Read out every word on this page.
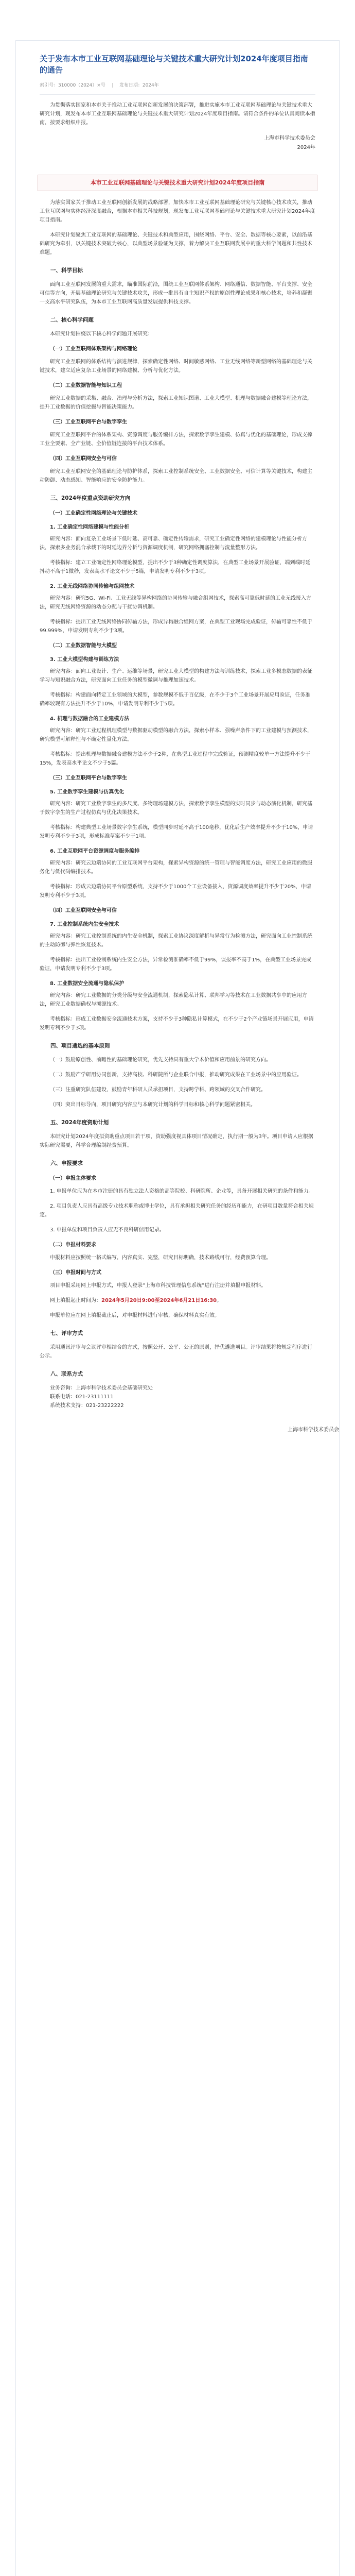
关于发布本市工业互联网基础理论与关键技术重大研究计划2024年度项目指南的通告
索引号：310000（2024）×号 | 发布日期：2024年
为贯彻落实国家和本市关于推动工业互联网创新发展的决策部署，推进实施本市工业互联网基础理论与关键技术重大研究计划，现发布本市工业互联网基础理论与关键技术重大研究计划2024年度项目指南。请符合条件的单位认真阅读本指南，按要求组织申报。
上海市科学技术委员会
2024年
本市工业互联网基础理论与关键技术重大研究计划2024年度项目指南
为落实国家关于推动工业互联网创新发展的战略部署，加快本市工业互联网基础理论研究与关键核心技术攻关，推动工业互联网与实体经济深度融合，根据本市相关科技规划，现发布工业互联网基础理论与关键技术重大研究计划2024年度项目指南。
本研究计划聚焦工业互联网的基础理论、关键技术和典型应用，围绕网络、平台、安全、数据等核心要素，以前沿基础研究为牵引，以关键技术突破为核心，以典型场景验证为支撑，着力解决工业互联网发展中的重大科学问题和共性技术难题。
一、科学目标
面向工业互联网发展的重大需求，瞄准国际前沿，围绕工业互联网体系架构、网络通信、数据智能、平台支撑、安全可信等方向，开展基础理论研究与关键技术攻关，形成一批具有自主知识产权的原创性理论成果和核心技术，培养和凝聚一支高水平研究队伍，为本市工业互联网高质量发展提供科技支撑。
二、核心科学问题
本研究计划围绕以下核心科学问题开展研究：
（一）工业互联网体系架构与网络理论
研究工业互联网的体系结构与演进规律，探索确定性网络、时间敏感网络、工业无线网络等新型网络的基础理论与关键技术，建立适应复杂工业场景的网络建模、分析与优化方法。
（二）工业数据智能与知识工程
研究工业数据的采集、融合、治理与分析方法，探索工业知识图谱、工业大模型、机理与数据融合建模等理论方法，提升工业数据的价值挖掘与智能决策能力。
（三）工业互联网平台与数字孪生
研究工业互联网平台的体系架构、资源调度与服务编排方法，探索数字孪生建模、仿真与优化的基础理论，形成支撑工业全要素、全产业链、全价值链连接的平台技术体系。
（四）工业互联网安全与可信
研究工业互联网安全的基础理论与防护体系，探索工业控制系统安全、工业数据安全、可信计算等关键技术，构建主动防御、动态感知、智能响应的安全防护能力。
三、2024年度重点资助研究方向
（一）工业确定性网络理论与关键技术
1. 工业确定性网络建模与性能分析
研究内容：面向复杂工业场景下低时延、高可靠、确定性传输需求，研究工业确定性网络的建模理论与性能分析方法，探索多业务混合承载下的时延边界分析与资源调度机制，研究网络拥塞控制与流量整形方法。
考核指标：建立工业确定性网络理论模型，提出不少于3种确定性调度算法，在典型工业场景开展验证，端到端时延抖动不高于1微秒，发表高水平论文不少于5篇，申请发明专利不少于3项。
2. 工业无线网络协同传输与组网技术
研究内容：研究5G、Wi-Fi、工业无线等异构网络的协同传输与融合组网技术，探索高可靠低时延的工业无线接入方法，研究无线网络资源的动态分配与干扰协调机制。
考核指标：提出工业无线网络协同传输方法，形成异构融合组网方案，在典型工业现场完成验证，传输可靠性不低于99.999%，申请发明专利不少于3项。
（二）工业数据智能与大模型
3. 工业大模型构建与训练方法
研究内容：面向工业设计、生产、运维等场景，研究工业大模型的构建方法与训练技术，探索工业多模态数据的表征学习与知识融合方法，研究面向工业任务的模型微调与推理加速技术。
考核指标：构建面向特定工业领域的大模型，参数规模不低于百亿级，在不少于3个工业场景开展应用验证，任务准确率较现有方法提升不少于10%，申请发明专利不少于5项。
4. 机理与数据融合的工业建模方法
研究内容：研究工业过程机理模型与数据驱动模型的融合方法，探索小样本、强噪声条件下的工业建模与预测技术，研究模型可解释性与不确定性量化方法。
考核指标：提出机理与数据融合建模方法不少于2种，在典型工业过程中完成验证，预测精度较单一方法提升不少于15%，发表高水平论文不少于5篇。
（三）工业互联网平台与数字孪生
5. 工业数字孪生建模与仿真优化
研究内容：研究工业数字孪生的多尺度、多物理场建模方法，探索数字孪生模型的实时同步与动态演化机制，研究基于数字孪生的生产过程仿真与优化决策技术。
考核指标：构建典型工业场景数字孪生系统，模型同步时延不高于100毫秒，优化后生产效率提升不少于10%，申请发明专利不少于3项，形成标准草案不少于1项。
6. 工业互联网平台资源调度与服务编排
研究内容：研究云边端协同的工业互联网平台架构，探索异构资源的统一管理与智能调度方法，研究工业应用的微服务化与低代码编排技术。
考核指标：形成云边端协同平台原型系统，支持不少于1000个工业设备接入，资源调度效率提升不少于20%，申请发明专利不少于3项。
（四）工业互联网安全与可信
7. 工业控制系统内生安全技术
研究内容：研究工业控制系统的内生安全机制，探索工业协议深度解析与异常行为检测方法，研究面向工业控制系统的主动防御与弹性恢复技术。
考核指标：提出工业控制系统内生安全方法，异常检测准确率不低于99%，误报率不高于1%，在典型工业场景完成验证，申请发明专利不少于3项。
8. 工业数据安全流通与隐私保护
研究内容：研究工业数据的分类分级与安全流通机制，探索隐私计算、联邦学习等技术在工业数据共享中的应用方法，研究工业数据确权与溯源技术。
考核指标：形成工业数据安全流通技术方案，支持不少于3种隐私计算模式，在不少于2个产业链场景开展应用，申请发明专利不少于3项。
四、项目遴选的基本原则
（一）鼓励原创性、前瞻性的基础理论研究，优先支持具有重大学术价值和应用前景的研究方向。
（二）鼓励产学研用协同创新，支持高校、科研院所与企业联合申报，推动研究成果在工业场景中的应用验证。
（三）注重研究队伍建设，鼓励青年科研人员承担项目，支持跨学科、跨领域的交叉合作研究。
（四）突出目标导向，项目研究内容应与本研究计划的科学目标和核心科学问题紧密相关。
五、2024年度资助计划
本研究计划2024年度拟资助重点项目若干项，资助强度视具体项目情况确定，执行期一般为3年。项目申请人应根据实际研究需要，科学合理编制经费预算。
六、申报要求
（一）申报主体要求
1. 申报单位应为在本市注册的具有独立法人资格的高等院校、科研院所、企业等，具备开展相关研究的条件和能力。
2. 项目负责人应具有高级专业技术职称或博士学位，具有承担相关研究任务的经历和能力，在研项目数量符合相关规定。
3. 申报单位和项目负责人应无不良科研信用记录。
（二）申报材料要求
申报材料应按照统一格式编写，内容真实、完整，研究目标明确，技术路线可行，经费预算合理。
（三）申报时间与方式
项目申报采用网上申报方式，申报人登录“上海市科技管理信息系统”进行注册并填报申报材料。
网上填报起止时间为：2024年5月20日9:00至2024年6月21日16:30。
申报单位应在网上填报截止后，对申报材料进行审核，确保材料真实有效。
七、评审方式
采用通讯评审与会议评审相结合的方式，按照公开、公平、公正的原则，择优遴选项目。评审结果将按规定程序进行公示。
八、联系方式
业务咨询：上海市科学技术委员会基础研究处
联系电话：021-23111111
系统技术支持：021-23222222
上海市科学技术委员会
